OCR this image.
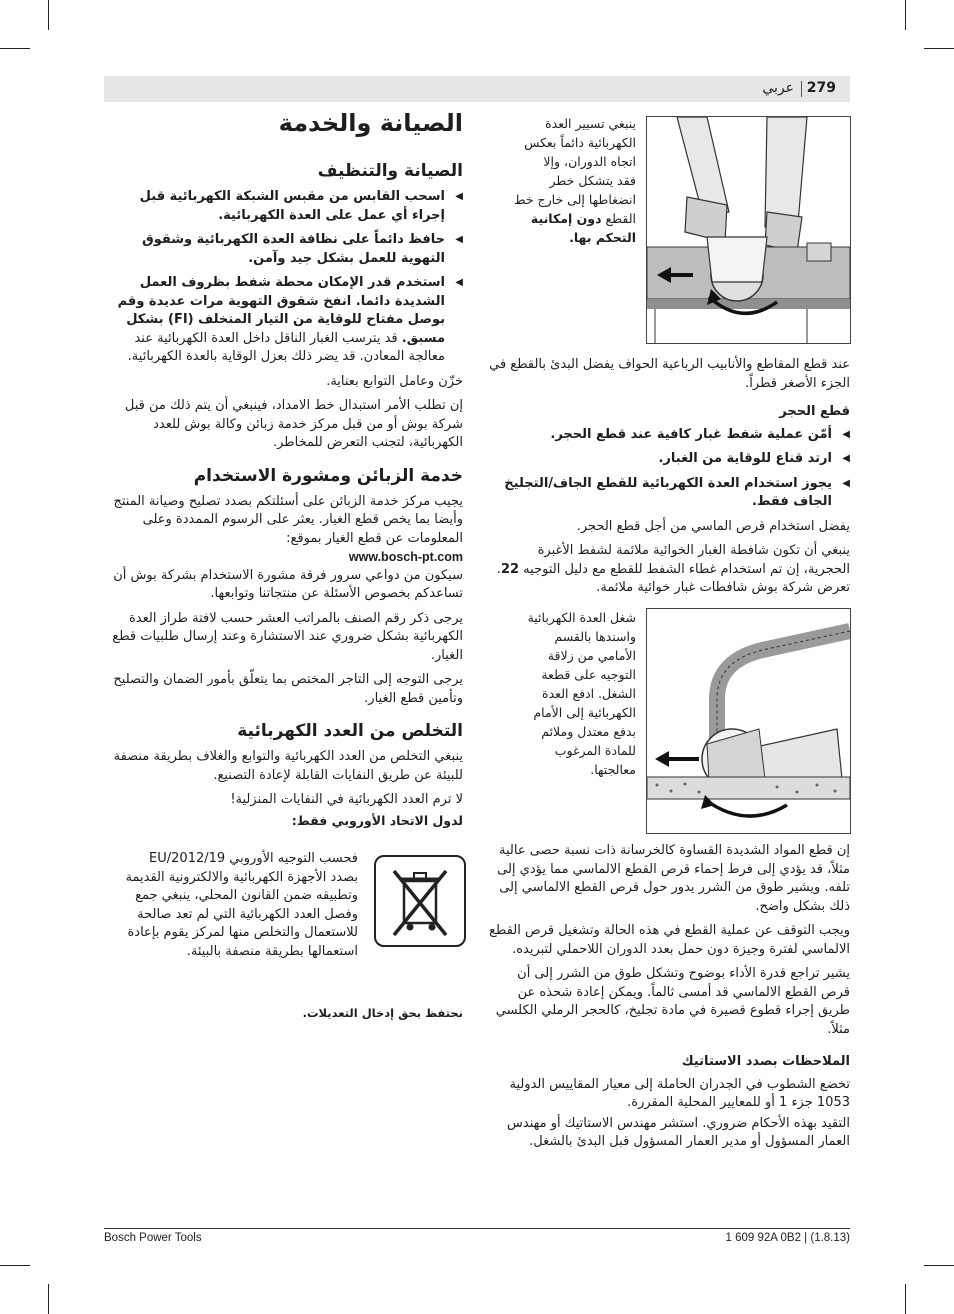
279
عربي
ينبغي تسيير العدة
الكهربائية دائماً بعكس
اتجاه الدوران، وإلا
فقد يتشكل خطر
انضغاطها إلى خارج خط
القطع دون إمكانية
التحكم بها.

عند قطع المقاطع والأنابيب الرباعية الحواف يفضل البدئ بالقطع في الجزء الأصغر قطراً.

قطع الحجر
◀ أمّن عملية شفط غبار كافية عند قطع الحجر.
◀ ارتد قناع للوقاية من الغبار.
◀ يجوز استخدام العدة الكهربائية للقطع الجاف/التجليخ الجاف فقط.

يفضل استخدام قرص الماسي من أجل قطع الحجر.

ينبغي أن تكون شافطة الغبار الخوائية ملائمة لشفط الأغبرة الحجرية، إن تم استخدام غطاء الشفط للقطع مع دليل التوجيه 22. تعرض شركة بوش شافطات غبار خوائية ملائمة.

شغل العدة الكهربائية
واسندها بالقسم
الأمامي من زلاقة
التوجيه على قطعة
الشغل. ادفع العدة
الكهربائية إلى الأمام
بدفع معتدل وملائم
للمادة المرغوب
معالجتها.

إن قطع المواد الشديدة القساوة كالخرسانة ذات نسبة حصى عالية مثلاً، قد يؤدي إلى فرط إحماء قرص القطع الالماسي مما يؤدي إلى تلفه. ويشير طوق من الشرر يدور حول قرص القطع الالماسي إلى ذلك بشكل واضح.

ويجب التوقف عن عملية القطع في هذه الحالة وتشغيل قرص القطع الالماسي لفترة وجيزة دون حمل بعدد الدوران اللاحملي لتبريده.

يشير تراجع قدرة الأداء بوضوح وتشكل طوق من الشرر إلى أن قرص القطع الالماسي قد أمسى ثالماً. ويمكن إعادة شحذه عن طريق إجراء قطوع قصيرة في مادة تجليخ، كالحجر الرملي الكلسي مثلاً.

الملاحظات بصدد الاستاتيك

تخضع الشطوب في الجدران الحاملة إلى معيار المقاييس الدولية 1053 جزء 1 أو للمعايير المحلية المقررة.

التقيد بهذه الأحكام ضروري. استشر مهندس الاستاتيك أو مهندس العمار المسؤول أو مدير العمار المسؤول قبل البدئ بالشغل.

الصيانة والخدمة
الصيانة والتنظيف
◀ اسحب القابس من مقبس الشبكة الكهربائية قبل إجراء أي عمل على العدة الكهربائية.
◀ حافظ دائماً على نظافة العدة الكهربائية وشقوق التهوية للعمل بشكل جيد وآمن.
◀ استخدم قدر الإمكان محطة شفط بظروف العمل الشديدة دائما. انفخ شقوق التهوية مرات عديدة وقم بوصل مفتاح للوقاية من التيار المتخلف (FI) بشكل مسبق. قد يترسب الغبار الناقل داخل العدة الكهربائية عند معالجة المعادن. قد يضر ذلك بعزل الوقاية بالعدة الكهربائية.

خزّن وعامل التوابع بعناية.

إن تطلب الأمر استبدال خط الامداد، فينبغي أن يتم ذلك من قبل شركة بوش أو من قبل مركز خدمة زبائن وكالة بوش للعدد الكهربائية، لتجنب التعرض للمخاطر.

خدمة الزبائن ومشورة الاستخدام

يجيب مركز خدمة الزبائن على أسئلتكم بصدد تصليح وصيانة المنتج وأيضا بما يخص قطع الغيار. يعثر على الرسوم الممددة وعلى المعلومات عن قطع الغيار بموقع:

www.bosch-pt.com

سيكون من دواعي سرور فرقة مشورة الاستخدام بشركة بوش أن تساعدكم بخصوص الأسئلة عن منتجاتنا وتوابعها.

يرجى ذكر رقم الصنف بالمراتب العشر حسب لافتة طراز العدة الكهربائية بشكل ضروري عند الاستشارة وعند إرسال طلبيات قطع الغيار.

يرجى التوجه إلى التاجر المختص بما يتعلّق بأمور الضمان والتصليح وتأمين قطع الغيار.

التخلص من العدد الكهربائية

ينبغي التخلص من العدد الكهربائية والتوابع والغلاف بطريقة منصفة للبيئة عن طريق النفايات القابلة لإعادة التصنيع.

لا ترم العدد الكهربائية في النفايات المنزلية!

لدول الاتحاد الأوروبي فقط:

فحسب التوجيه الأوروبي 2012/19/EU بصدد الأجهزة الكهربائية والالكترونية القديمة وتطبيقه ضمن القانون المحلي، ينبغي جمع وفصل العدد الكهربائية التي لم تعد صالحة للاستعمال والتخلص منها لمركز يقوم بإعادة استعمالها بطريقة منصفة بالبيئة.

نحتفظ بحق إدخال التعديلات.
Bosch Power Tools	1 609 92A 0B2 | (1.8.13)
